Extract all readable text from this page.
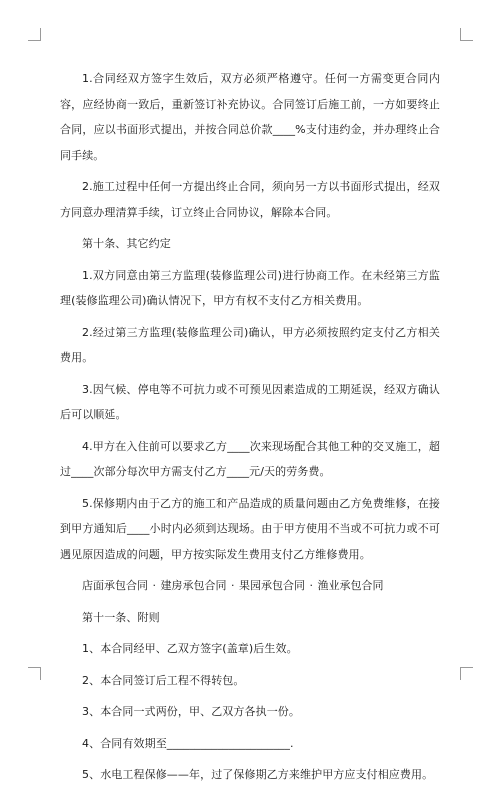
1.合同经双方签字生效后，双方必须严格遵守。任何一方需变更合同内容，应经协商一致后，重新签订补充协议。合同签订后施工前，一方如要终止合同，应以书面形式提出，并按合同总价款____%支付违约金，并办理终止合同手续。

2.施工过程中任何一方提出终止合同，须向另一方以书面形式提出，经双方同意办理清算手续，订立终止合同协议，解除本合同。

第十条、其它约定

1.双方同意由第三方监理(装修监理公司)进行协商工作。在未经第三方监理(装修监理公司)确认情况下，甲方有权不支付乙方相关费用。

2.经过第三方监理(装修监理公司)确认，甲方必须按照约定支付乙方相关费用。

3.因气候、停电等不可抗力或不可预见因素造成的工期延误，经双方确认后可以顺延。

4.甲方在入住前可以要求乙方____次来现场配合其他工种的交叉施工，超过____次部分每次甲方需支付乙方____元/天的劳务费。

5.保修期内由于乙方的施工和产品造成的质量问题由乙方免费维修，在接到甲方通知后____小时内必须到达现场。由于甲方使用不当或不可抗力或不可遇见原因造成的问题，甲方按实际发生费用支付乙方维修费用。

店面承包合同 · 建房承包合同 · 果园承包合同 · 渔业承包合同

第十一条、附则

1、本合同经甲、乙双方签字(盖章)后生效。

2、本合同签订后工程不得转包。

3、本合同一式两份，甲、乙双方各执一份。

4、合同有效期至______________________.

5、水电工程保修——年，过了保修期乙方来维护甲方应支付相应费用。
